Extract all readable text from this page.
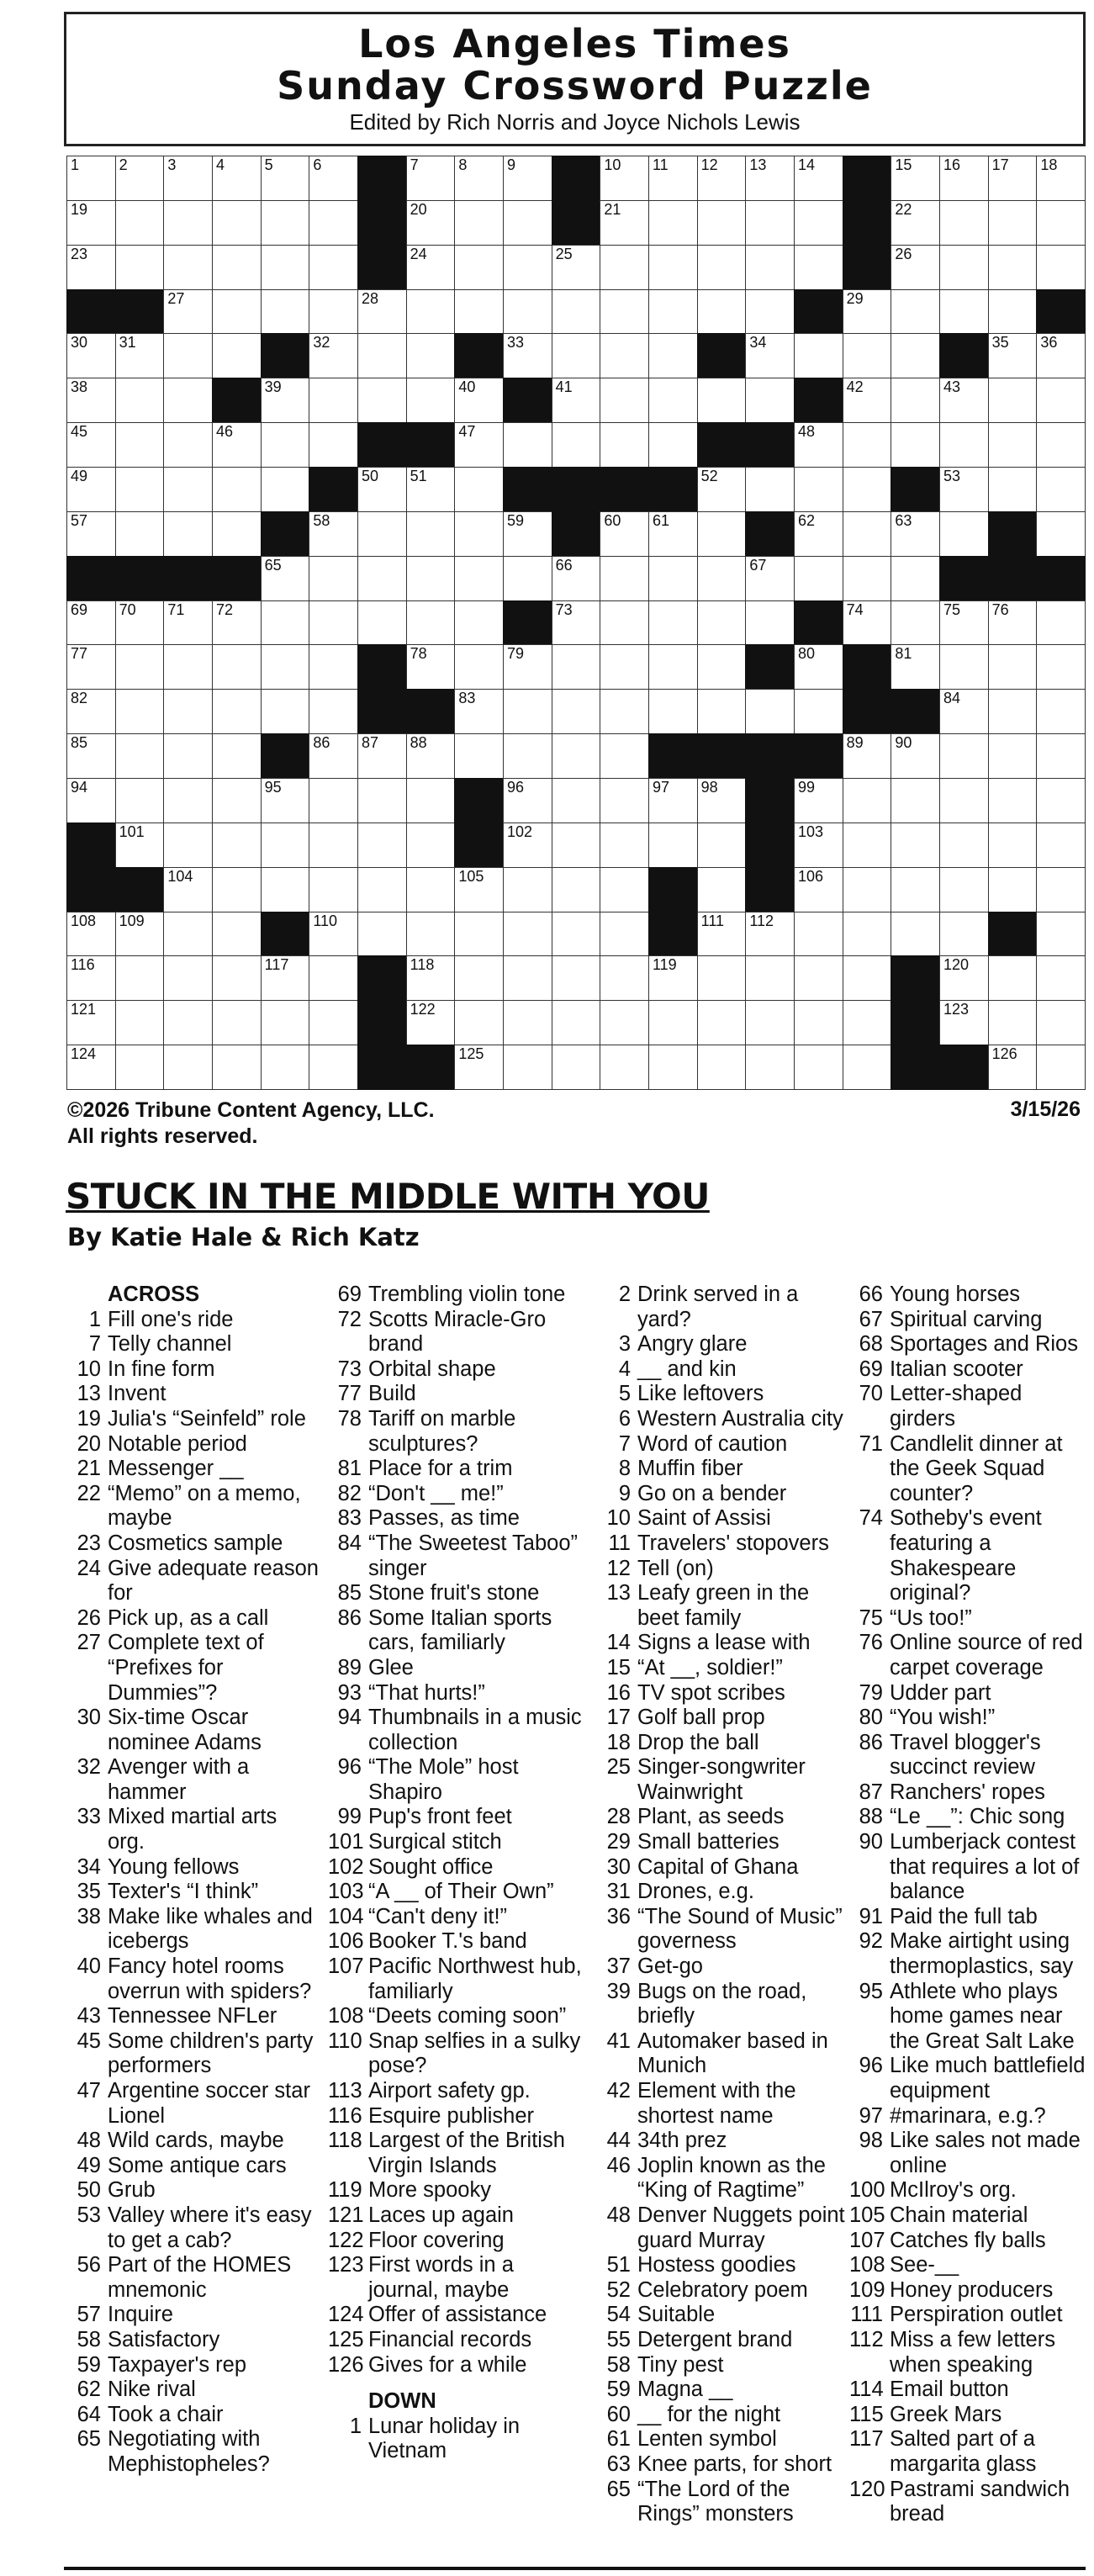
Los Angeles Times
Sunday Crossword Puzzle
Edited by Rich Norris and Joyce Nichols Lewis
1	2	3	4	5	6	7	8	9	10 11 12 13 14	15 16 17 18
19	20	21	22
23	24	25	26
27	28	29
30 31	32	33	34	35 36
38	39	40	41	42	43
45	46	47	48
49	50 51	52	53
57	58	59	60 61	62	63
65	66	67
69 70 71 72	73	74	75 76
77	78	79	80	81
82	83	84
85	86 87 88	89 90
94	95	96	97 98	99
101	102	103
104	105	106
108 109	110	111 112
116	117	118	119	120
121	122	123
124	125	126
©2026 Tribune Content Agency, LLC.
All rights reserved.
3/15/26
STUCK IN THE MIDDLE WITH YOU
By Katie Hale & Rich Katz
ACROSS
1 Fill one's ride
7 Telly channel
10 In fine form
13 Invent
19 Julia's “Seinfeld” role
20 Notable period
21 Messenger __
22 “Memo” on a memo, maybe
23 Cosmetics sample
24 Give adequate reason for
26 Pick up, as a call
27 Complete text of “Prefixes for Dummies”?
30 Six-time Oscar nominee Adams
32 Avenger with a hammer
33 Mixed martial arts org.
34 Young fellows
35 Texter's “I think”
38 Make like whales and icebergs
40 Fancy hotel rooms overrun with spiders?
43 Tennessee NFLer
45 Some children's party performers
47 Argentine soccer star Lionel
48 Wild cards, maybe
49 Some antique cars
50 Grub
53 Valley where it's easy to get a cab?
56 Part of the HOMES mnemonic
57 Inquire
58 Satisfactory
59 Taxpayer's rep
62 Nike rival
64 Took a chair
65 Negotiating with Mephistopheles?
69 Trembling violin tone
72 Scotts Miracle-Gro brand
73 Orbital shape
77 Build
78 Tariff on marble sculptures?
81 Place for a trim
82 “Don't __ me!”
83 Passes, as time
84 “The Sweetest Taboo” singer
85 Stone fruit's stone
86 Some Italian sports cars, familiarly
89 Glee
93 “That hurts!”
94 Thumbnails in a music collection
96 “The Mole” host Shapiro
99 Pup's front feet
101 Surgical stitch
102 Sought office
103 “A __ of Their Own”
104 “Can't deny it!”
106 Booker T.'s band
107 Pacific Northwest hub, familiarly
108 “Deets coming soon”
110 Snap selfies in a sulky pose?
113 Airport safety gp.
116 Esquire publisher
118 Largest of the British Virgin Islands
119 More spooky
121 Laces up again
122 Floor covering
123 First words in a journal, maybe
124 Offer of assistance
125 Financial records
126 Gives for a while
DOWN
1 Lunar holiday in Vietnam
2 Drink served in a yard?
3 Angry glare
4 __ and kin
5 Like leftovers
6 Western Australia city
7 Word of caution
8 Muffin fiber
9 Go on a bender
10 Saint of Assisi
11 Travelers' stopovers
12 Tell (on)
13 Leafy green in the beet family
14 Signs a lease with
15 “At __, soldier!”
16 TV spot scribes
17 Golf ball prop
18 Drop the ball
25 Singer-songwriter Wainwright
28 Plant, as seeds
29 Small batteries
30 Capital of Ghana
31 Drones, e.g.
36 “The Sound of Music” governess
37 Get-go
39 Bugs on the road, briefly
41 Automaker based in Munich
42 Element with the shortest name
44 34th prez
46 Joplin known as the “King of Ragtime”
48 Denver Nuggets point guard Murray
51 Hostess goodies
52 Celebratory poem
54 Suitable
55 Detergent brand
58 Tiny pest
59 Magna __
60 __ for the night
61 Lenten symbol
63 Knee parts, for short
65 “The Lord of the Rings” monsters
66 Young horses
67 Spiritual carving
68 Sportages and Rios
69 Italian scooter
70 Letter-shaped girders
71 Candlelit dinner at the Geek Squad counter?
74 Sotheby's event featuring a Shakespeare original?
75 “Us too!”
76 Online source of red carpet coverage
79 Udder part
80 “You wish!”
86 Travel blogger's succinct review
87 Ranchers' ropes
88 “Le __”: Chic song
90 Lumberjack contest that requires a lot of balance
91 Paid the full tab
92 Make airtight using thermoplastics, say
95 Athlete who plays home games near the Great Salt Lake
96 Like much battlefield equipment
97 #marinara, e.g.?
98 Like sales not made online
100 McIlroy's org.
105 Chain material
107 Catches fly balls
108 See-__
109 Honey producers
111 Perspiration outlet
112 Miss a few letters when speaking
114 Email button
115 Greek Mars
117 Salted part of a margarita glass
120 Pastrami sandwich bread
